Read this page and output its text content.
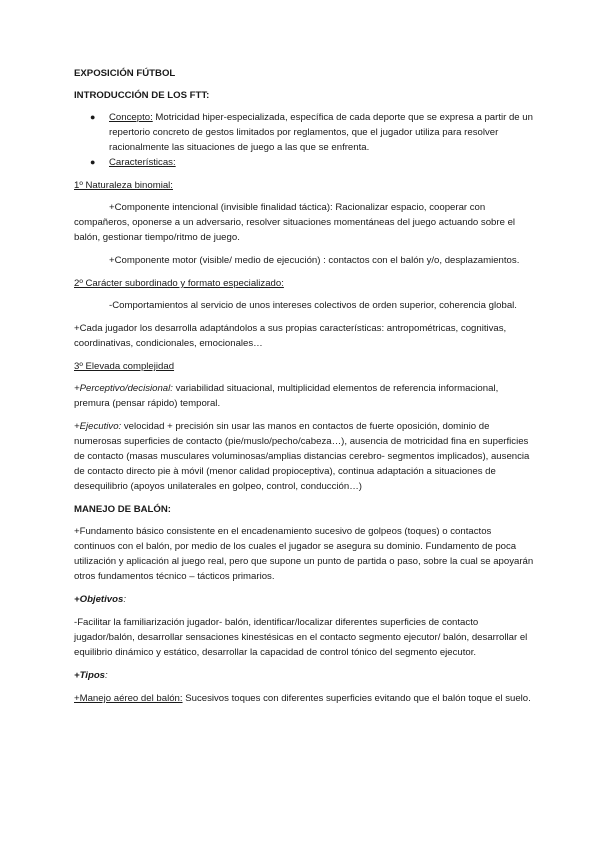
EXPOSICIÓN FÚTBOL

INTRODUCCIÓN DE LOS FTT:

● Concepto: Motricidad hiper-especializada, específica de cada deporte que se expresa a partir de un repertorio concreto de gestos limitados por reglamentos, que el jugador utiliza para resolver racionalmente las situaciones de juego a las que se enfrenta.
● Características:

1º Naturaleza binomial:

+Componente intencional (invisible finalidad táctica): Racionalizar espacio, cooperar con compañeros, oponerse a un adversario, resolver situaciones momentáneas del juego actuando sobre el balón, gestionar tiempo/ritmo de juego.

+Componente motor (visible/ medio de ejecución) : contactos con el balón y/o, desplazamientos.

2º Carácter subordinado y formato especializado:

-Comportamientos al servicio de unos intereses colectivos de orden superior, coherencia global.

+Cada jugador los desarrolla adaptándolos a sus propias características: antropométricas, cognitivas, coordinativas, condicionales, emocionales…

3º Elevada complejidad

+Perceptivo/decisional: variabilidad situacional, multiplicidad elementos de referencia informacional, premura (pensar rápido) temporal.

+Ejecutivo: velocidad + precisión sin usar las manos en contactos de fuerte oposición, dominio de numerosas superficies de contacto (pie/muslo/pecho/cabeza…), ausencia de motricidad fina en superficies de contacto (masas musculares voluminosas/amplias distancias cerebro- segmentos implicados), ausencia de contacto directo pie à móvil (menor calidad propioceptiva), continua adaptación a situaciones de desequilibrio (apoyos unilaterales en golpeo, control, conducción…)

MANEJO DE BALÓN:

+Fundamento básico consistente en el encadenamiento sucesivo de golpeos (toques) o contactos continuos con el balón, por medio de los cuales el jugador se asegura su dominio. Fundamento de poca utilización y aplicación al juego real, pero que supone un punto de partida o paso, sobre la cual se apoyarán otros fundamentos técnico – tácticos primarios.

+Objetivos:

-Facilitar la familiarización jugador- balón, identificar/localizar diferentes superficies de contacto jugador/balón, desarrollar sensaciones kinestésicas en el contacto segmento ejecutor/ balón, desarrollar el equilibrio dinámico y estático, desarrollar la capacidad de control tónico del segmento ejecutor.

+Tipos:

+Manejo aéreo del balón: Sucesivos toques con diferentes superficies evitando que el balón toque el suelo.
